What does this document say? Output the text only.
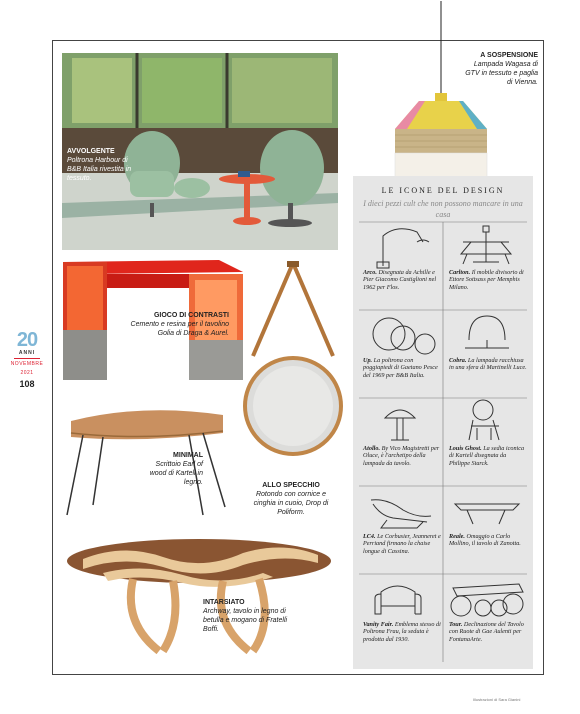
20
ANNI
NOVEMBRE
2021
108
AVVOLGENTE
Poltrona Harbour di B&B Italia rivestita in tessuto.
A SOSPENSIONE
Lampada Wagasa di GTV in tessuto e paglia di Vienna.
GIOCO DI CONTRASTI
Cemento e resina per il tavolino Golia di Draga & Aurel.
ALLO SPECCHIO
Rotondo con cornice e cinghia in cuoio, Drop di Poliform.
MINIMAL
Scrittoio Earl of wood di Kartell in legno.
INTARSIATO
Archway, tavolo in legno di betulla e mogano di Fratelli Boffi.
LE ICONE DEL DESIGN
I dieci pezzi cult che non possono mancare in una casa
Arco. Disegnata da Achille e Pier Giacomo Castiglioni nel 1962 per Flos.
Carlton. Il mobile divisorio di Ettore Sottsass per Memphis Milano.
Up. La poltrona con poggiapiedi di Gaetano Pesce del 1969 per B&B Italia.
Cobra. La lampada racchiusa in una sfera di Martinelli Luce.
Atollo. By Vico Magistretti per Oluce, è l'archetipo della lampada da tavolo.
Louis Ghost. La sedia iconica di Kartell disegnata da Philippe Starck.
LC4. Le Corbusier, Jeanneret e Perriand firmano la chaise longue di Cassina.
Reale. Omaggio a Carlo Mollino, il tavolo di Zanotta.
Vanity Fair. Emblema stesso di Poltrona Frau, la seduta è prodotta dal 1930.
Tour. Declinazione del Tavolo con Ruote di Gae Aulenti per FontanaArte.
Illustrazioni di Sara Gianini
